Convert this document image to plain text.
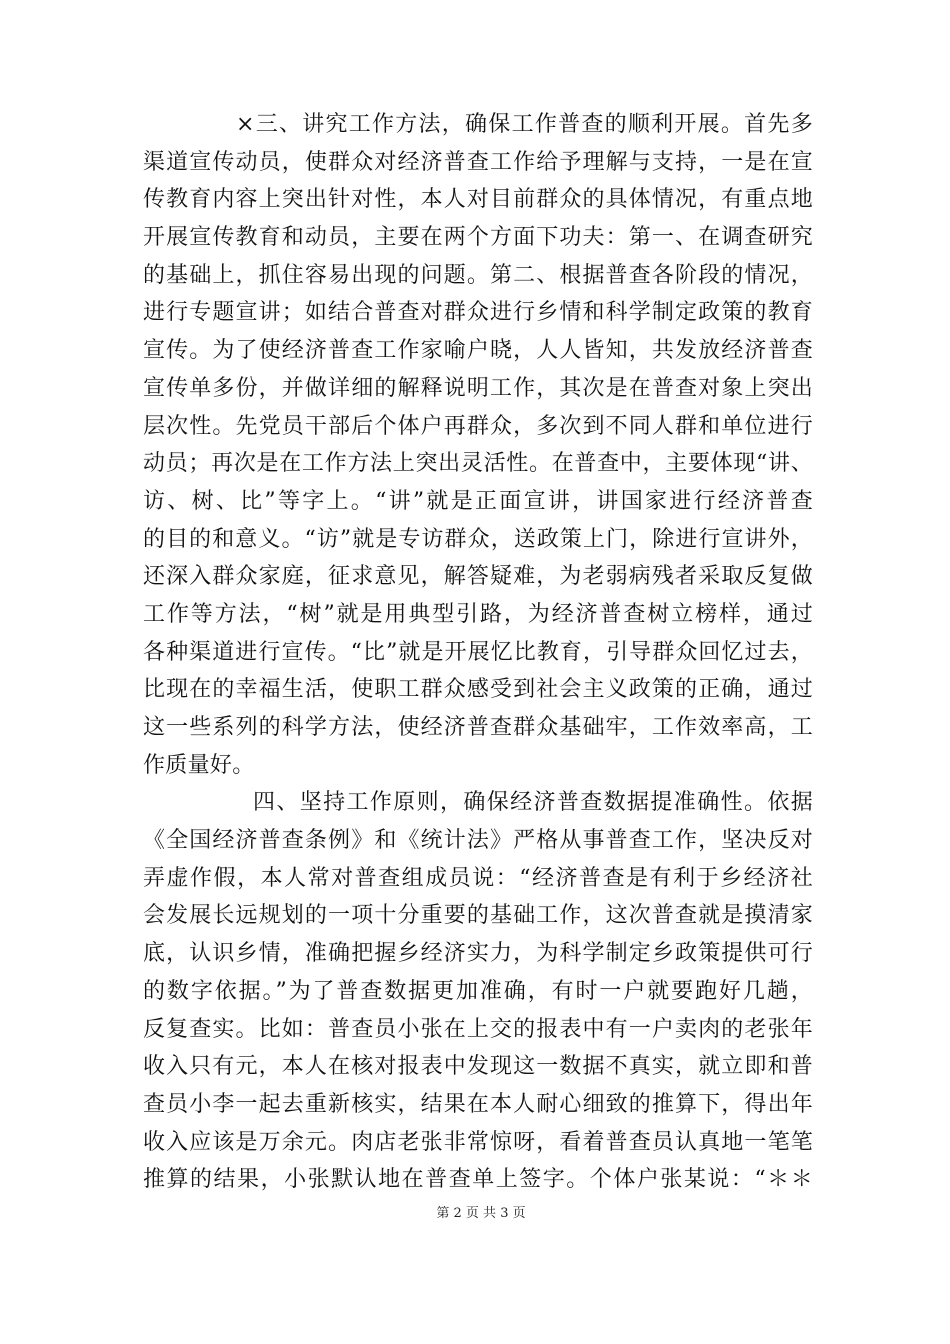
×三、讲究工作方法，确保工作普查的顺利开展。首先多
渠道宣传动员，使群众对经济普查工作给予理解与支持，一是在宣
传教育内容上突出针对性，本人对目前群众的具体情况，有重点地
开展宣传教育和动员，主要在两个方面下功夫：第一、在调查研究
的基础上，抓住容易出现的问题。第二、根据普查各阶段的情况，
进行专题宣讲；如结合普查对群众进行乡情和科学制定政策的教育
宣传。为了使经济普查工作家喻户晓，人人皆知，共发放经济普查
宣传单多份，并做详细的解释说明工作，其次是在普查对象上突出
层次性。先党员干部后个体户再群众，多次到不同人群和单位进行
动员；再次是在工作方法上突出灵活性。在普查中，主要体现“讲、
访、树、比”等字上。“讲”就是正面宣讲，讲国家进行经济普查
的目的和意义。“访”就是专访群众，送政策上门，除进行宣讲外，
还深入群众家庭，征求意见，解答疑难，为老弱病残者采取反复做
工作等方法，“树”就是用典型引路，为经济普查树立榜样，通过
各种渠道进行宣传。“比”就是开展忆比教育，引导群众回忆过去，
比现在的幸福生活，使职工群众感受到社会主义政策的正确，通过
这一些系列的科学方法，使经济普查群众基础牢，工作效率高，工
作质量好。
四、坚持工作原则，确保经济普查数据提准确性。依据
《全国经济普查条例》和《统计法》严格从事普查工作，坚决反对
弄虚作假，本人常对普查组成员说：“经济普查是有利于乡经济社
会发展长远规划的一项十分重要的基础工作，这次普查就是摸清家
底，认识乡情，准确把握乡经济实力，为科学制定乡政策提供可行
的数字依据。”为了普查数据更加准确，有时一户就要跑好几趟，
反复查实。比如：普查员小张在上交的报表中有一户卖肉的老张年
收入只有元，本人在核对报表中发现这一数据不真实，就立即和普
查员小李一起去重新核实，结果在本人耐心细致的推算下，得出年
收入应该是万余元。肉店老张非常惊呀，看着普查员认真地一笔笔
推算的结果，小张默认地在普查单上签字。个体户张某说：“＊＊
第 2 页 共 3 页
